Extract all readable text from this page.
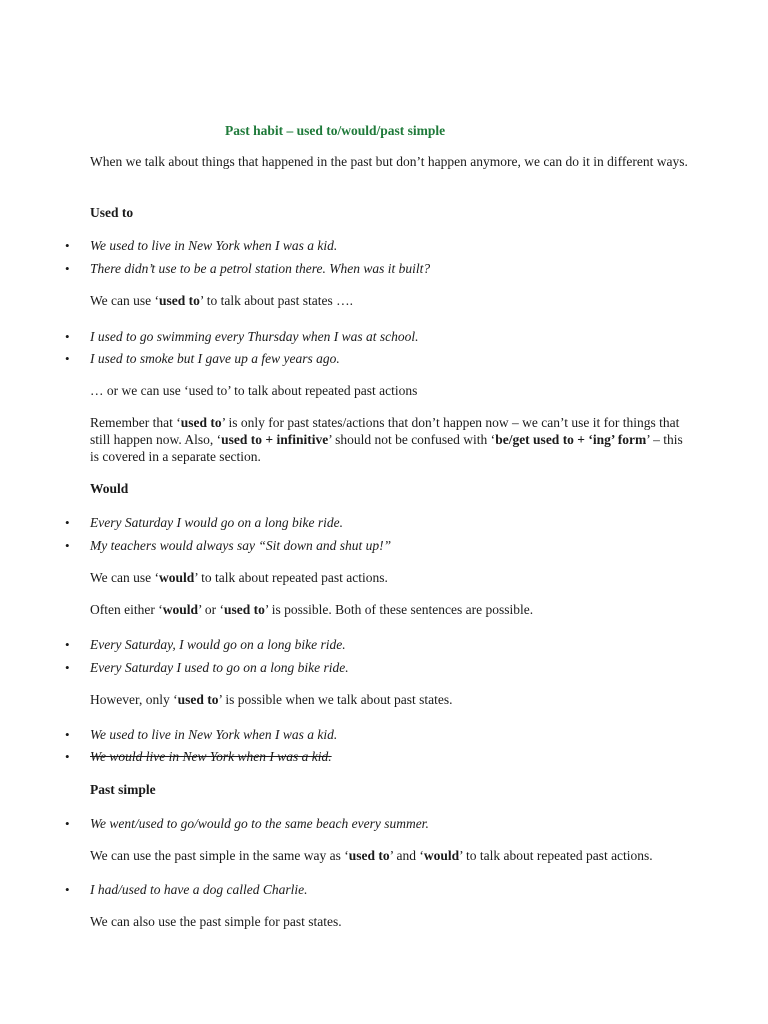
Past habit – used to/would/past simple

When we talk about things that happened in the past but don’t happen anymore, we can do it in different ways.

Used to
• We used to live in New York when I was a kid.
• There didn’t use to be a petrol station there. When was it built?

We can use ‘used to’ to talk about past states ….

• I used to go swimming every Thursday when I was at school.
• I used to smoke but I gave up a few years ago.

… or we can use ‘used to’ to talk about repeated past actions

Remember that ‘used to’ is only for past states/actions that don’t happen now – we can’t use it for things that still happen now. Also, ‘used to + infinitive’ should not be confused with ‘be/get used to + ‘ing’ form’ – this is covered in a separate section.

Would
• Every Saturday I would go on a long bike ride.
• My teachers would always say “Sit down and shut up!”

We can use ‘would’ to talk about repeated past actions.

Often either ‘would’ or ‘used to’ is possible. Both of these sentences are possible.

• Every Saturday, I would go on a long bike ride.
• Every Saturday I used to go on a long bike ride.

However, only ‘used to’ is possible when we talk about past states.

• We used to live in New York when I was a kid.
• We would live in New York when I was a kid.
Past simple
• We went/used to go/would go to the same beach every summer.

We can use the past simple in the same way as ‘used to’ and ‘would’ to talk about repeated past actions.

• I had/used to have a dog called Charlie.

We can also use the past simple for past states.
